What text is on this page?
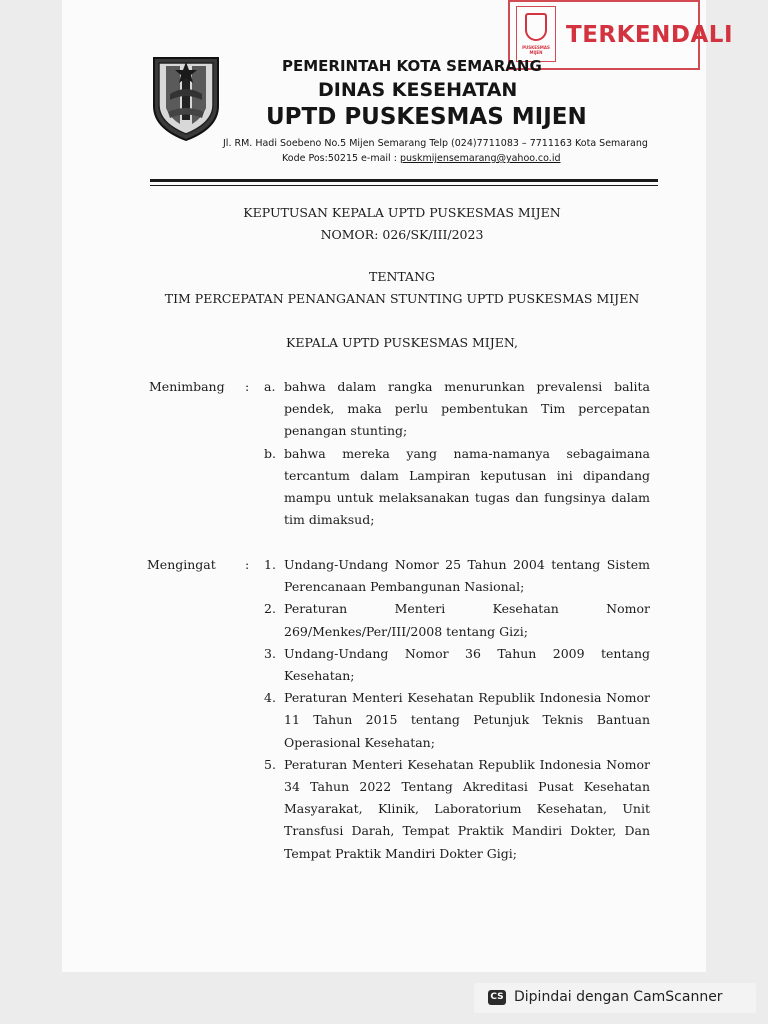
PUSKESMAS MIJEN
TERKENDALI
PEMERINTAH KOTA SEMARANG
DINAS KESEHATAN
UPTD PUSKESMAS MIJEN
Jl. RM. Hadi Soebeno No.5 Mijen Semarang Telp (024)7711083 – 7711163 Kota Semarang
Kode Pos:50215 e-mail : puskmijensemarang@yahoo.co.id
KEPUTUSAN KEPALA UPTD PUSKESMAS MIJEN
NOMOR: 026/SK/III/2023
TENTANG
TIM PERCEPATAN PENANGANAN STUNTING UPTD PUSKESMAS MIJEN
KEPALA UPTD PUSKESMAS MIJEN,
Menimbang :
Mengingat :
a. bahwa dalam rangka menurunkan prevalensi balita
pendek, maka perlu pembentukan Tim percepatan
penangan stunting;
b. bahwa mereka yang nama-namanya sebagaimana
tercantum dalam Lampiran keputusan ini dipandang
mampu untuk melaksanakan tugas dan fungsinya dalam
tim dimaksud;
1. Undang-Undang Nomor 25 Tahun 2004 tentang Sistem
Perencanaan Pembangunan Nasional;
2. Peraturan Menteri Kesehatan Nomor
269/Menkes/Per/III/2008 tentang Gizi;
3. Undang-Undang Nomor 36 Tahun 2009 tentang
Kesehatan;
4. Peraturan Menteri Kesehatan Republik Indonesia Nomor
11 Tahun 2015 tentang Petunjuk Teknis Bantuan
Operasional Kesehatan;
5. Peraturan Menteri Kesehatan Republik Indonesia Nomor
34 Tahun 2022 Tentang Akreditasi Pusat Kesehatan
Masyarakat, Klinik, Laboratorium Kesehatan, Unit
Transfusi Darah, Tempat Praktik Mandiri Dokter, Dan
Tempat Praktik Mandiri Dokter Gigi;
CS Dipindai dengan CamScanner
